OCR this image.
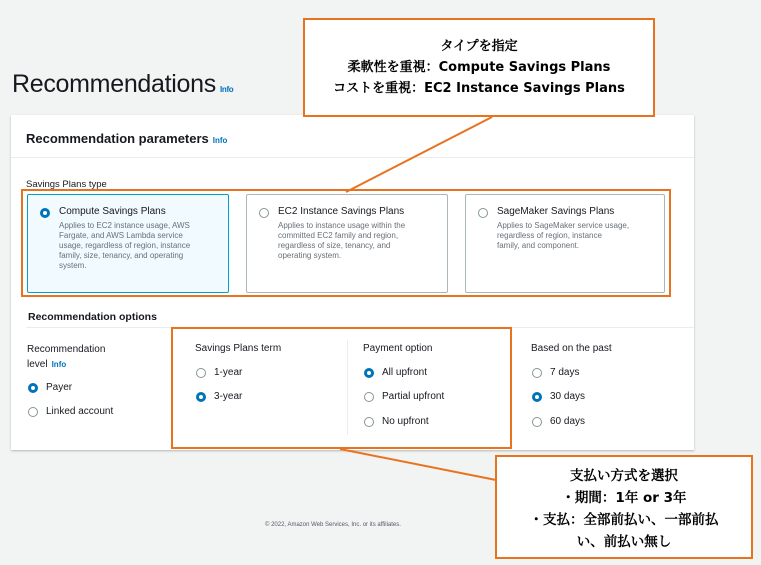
Recommendations Info
Recommendation parameters Info
Savings Plans type
Compute Savings Plans
Applies to EC2 instance usage, AWS
Fargate, and AWS Lambda service
usage, regardless of region, instance
family, size, tenancy, and operating
system.
EC2 Instance Savings Plans
Applies to instance usage within the
committed EC2 family and region,
regardless of size, tenancy, and
operating system.
SageMaker Savings Plans
Applies to SageMaker service usage,
regardless of region, instance
family, and component.
Recommendation options
Recommendation
level Info
Payer
Linked account
Savings Plans term
1-year
3-year
Payment option
All upfront
Partial upfront
No upfront
Based on the past
7 days
30 days
60 days
タイプを指定
柔軟性を重視：Compute Savings Plans
コストを重視：EC2 Instance Savings Plans
支払い方式を選択
・期間：1年 or 3年
・支払：全部前払い、一部前払
い、前払い無し
© 2022, Amazon Web Services, Inc. or its affiliates.
